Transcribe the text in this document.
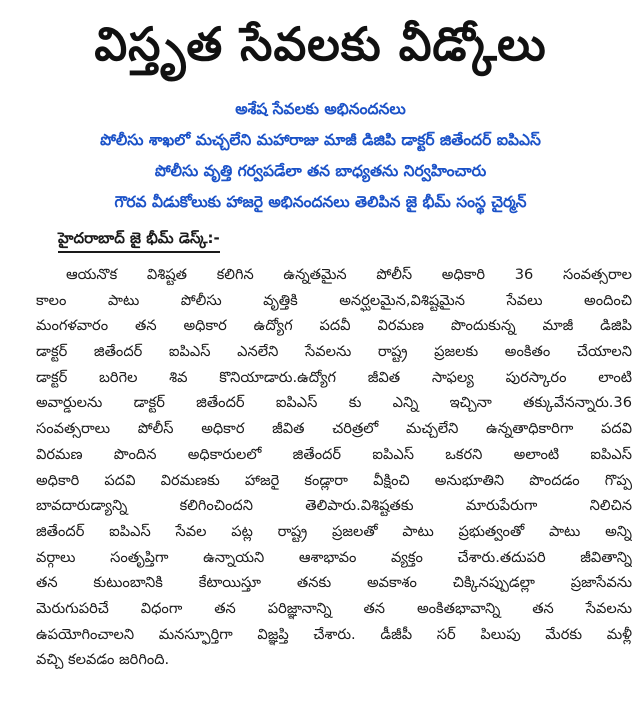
విస్తృత సేవలకు వీడ్కోలు
అశేష సేవలకు అభినందనలు
పోలీసు శాఖలో మచ్చలేని మహారాజు మాజీ డిజిపి డాక్టర్ జితేందర్ ఐపిఎస్
పోలీసు వృత్తి గర్వపడేలా తన బాధ్యతను నిర్వహించారు
గౌరవ వీడుకోలుకు హాజరై అభినందనలు తెలిపిన జై భీమ్ సంస్థ చైర్మన్
హైదరాబాద్ జై భీమ్ డెస్క్:-
ఆయనొక విశిష్టత కలిగిన ఉన్నతమైన పోలీస్ అధికారి 36 సంవత్సరాల
కాలం పాటు పోలీసు వృత్తికి అనర్ఘలమైన,విశిష్టమైన సేవలు అందించి
మంగళవారం తన అధికార ఉద్యోగ పదవీ విరమణ పొందుకున్న మాజీ డిజిపి
డాక్టర్ జితేందర్ ఐపిఎస్ ఎనలేని సేవలను రాష్ట్ర ప్రజలకు అంకితం చేయాలని
డాక్టర్ బరిగెల శివ కొనియాడారు.ఉద్యోగ జీవిత సాఫల్య పురస్కారం లాంటి
అవార్డులను డాక్టర్ జితేందర్ ఐపిఎస్ కు ఎన్ని ఇచ్చినా తక్కువేనన్నారు.36
సంవత్సరాలు పోలీస్ అధికార జీవిత చరిత్రలో మచ్చలేని ఉన్నతాధికారిగా పదవి
విరమణ పొందిన అధికారులలో జితేందర్ ఐపిఎస్ ఒకరని అలాంటి ఐపిఎస్
అధికారి పదవి విరమణకు హాజరై కండ్లారా వీక్షించి అనుభూతిని పొందడం గొప్ప
బావదారుడ్యాన్ని కలిగించిందని తెలిపారు.విశిష్టతకు మారుపేరుగా నిలిచిన
జితేందర్ ఐపిఎస్ సేవల పట్ల రాష్ట్ర ప్రజలతో పాటు ప్రభుత్వంతో పాటు అన్ని
వర్గాలు సంతృప్తిగా ఉన్నాయని ఆశాభావం వ్యక్తం చేశారు.తదుపరి జీవితాన్ని
తన కుటుంబానికి కేటాయిస్తూ తనకు అవకాశం చిక్కినప్పుడల్లా ప్రజాసేవను
మెరుగుపరిచే విధంగా తన పరిజ్ఞానాన్ని తన అంకితభావాన్ని తన సేవలను
ఉపయోగించాలని మనస్ఫూర్తిగా విజ్ఞప్తి చేశారు. డీజీపీ సర్ పిలుపు మేరకు మళ్లీ
వచ్చి కలవడం జరిగింది.
